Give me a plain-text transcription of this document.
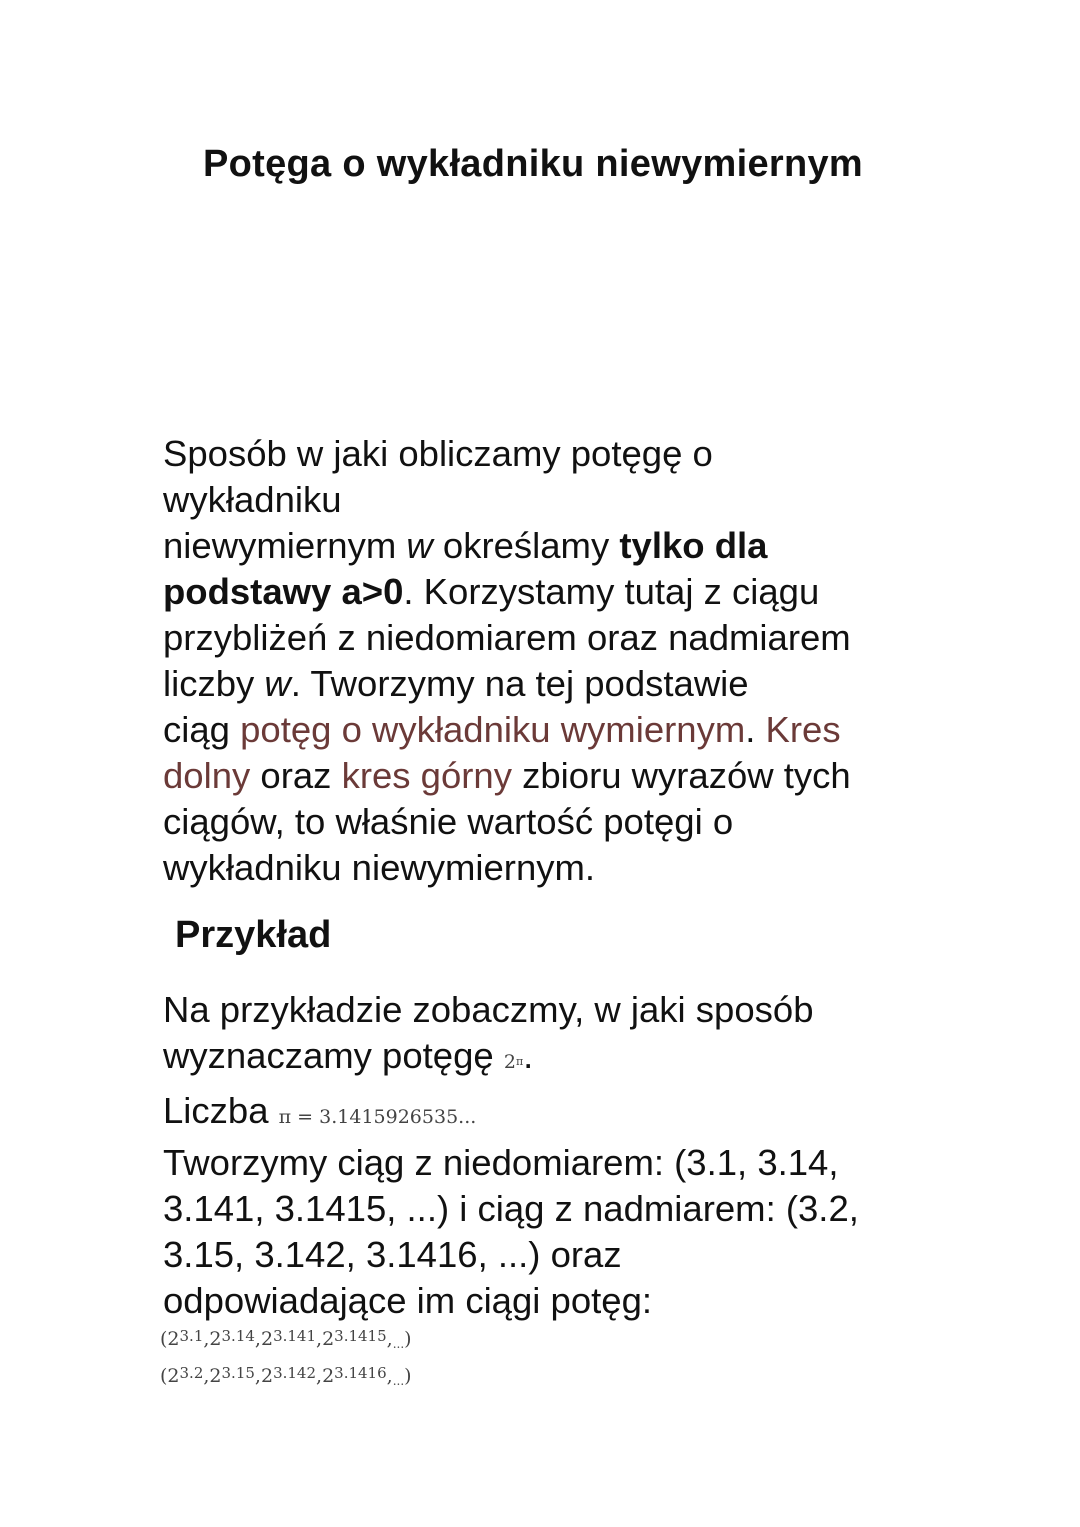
Potęga o wykładniku niewymiernym

Sposób w jaki obliczamy potęgę o
wykładniku
niewymiernym w określamy tylko dla
podstawy a>0. Korzystamy tutaj z ciągu
przybliżeń z niedomiarem oraz nadmiarem
liczby w. Tworzymy na tej podstawie
ciąg potęg o wykładniku wymiernym. Kres
dolny oraz kres górny zbioru wyrazów tych
ciągów, to właśnie wartość potęgi o
wykładniku niewymiernym.

Przykład

Na przykładzie zobaczmy, w jaki sposób
wyznaczamy potęgę $2^\pi$.
Liczba π = 3.1415926535...
Tworzymy ciąg z niedomiarem: (3.1, 3.14,
3.141, 3.1415, ...) i ciąg z nadmiarem: (3.2,
3.15, 3.142, 3.1416, ...) oraz
odpowiadające im ciągi potęg:

$(2^{3.1},2^{3.14},2^{3.141},2^{3.1415},...)$
$(2^{3.2},2^{3.15},2^{3.142},2^{3.1416},...)$
